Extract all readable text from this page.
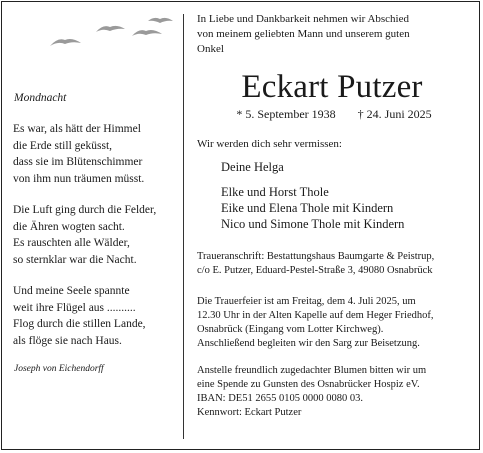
Mondnacht
Es war, als hätt der Himmel
die Erde still geküsst,
dass sie im Blütenschimmer
von ihm nun träumen müsst.
Die Luft ging durch die Felder,
die Ähren wogten sacht.
Es rauschten alle Wälder,
so sternklar war die Nacht.
Und meine Seele spannte
weit ihre Flügel aus ..........
Flog durch die stillen Lande,
als flöge sie nach Haus.
Joseph von Eichendorff
In Liebe und Dankbarkeit nehmen wir Abschied
von meinem geliebten Mann und unserem guten
Onkel
Eckart Putzer
* 5. September 1938 † 24. Juni 2025
Wir werden dich sehr vermissen:
Deine Helga
Elke und Horst Thole
Eike und Elena Thole mit Kindern
Nico und Simone Thole mit Kindern
Traueranschrift: Bestattungshaus Baumgarte & Peistrup,
c/o E. Putzer, Eduard-Pestel-Straße 3, 49080 Osnabrück
Die Trauerfeier ist am Freitag, dem 4. Juli 2025, um
12.30 Uhr in der Alten Kapelle auf dem Heger Friedhof,
Osnabrück (Eingang vom Lotter Kirchweg).
Anschließend begleiten wir den Sarg zur Beisetzung.
Anstelle freundlich zugedachter Blumen bitten wir um
eine Spende zu Gunsten des Osnabrücker Hospiz eV.
IBAN: DE51 2655 0105 0000 0080 03.
Kennwort: Eckart Putzer
